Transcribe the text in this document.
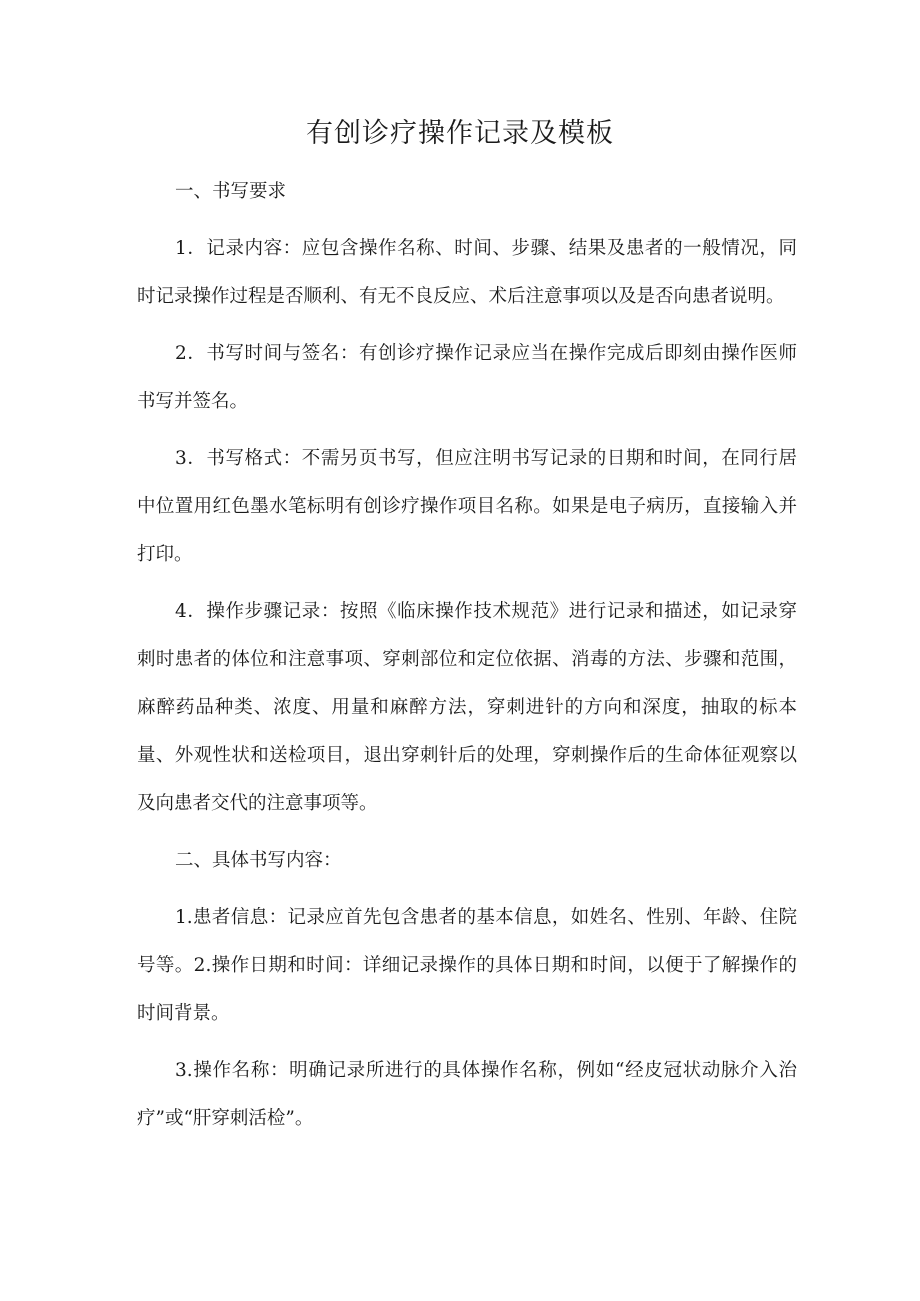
有创诊疗操作记录及模板

一、书写要求

1．记录内容：应包含操作名称、时间、步骤、结果及患者的一般情况，同时记录操作过程是否顺利、有无不良反应、术后注意事项以及是否向患者说明。

2．书写时间与签名：有创诊疗操作记录应当在操作完成后即刻由操作医师书写并签名。

3．书写格式：不需另页书写，但应注明书写记录的日期和时间，在同行居中位置用红色墨水笔标明有创诊疗操作项目名称。如果是电子病历，直接输入并打印。

4．操作步骤记录：按照《临床操作技术规范》进行记录和描述，如记录穿刺时患者的体位和注意事项、穿刺部位和定位依据、消毒的方法、步骤和范围，麻醉药品种类、浓度、用量和麻醉方法，穿刺进针的方向和深度，抽取的标本量、外观性状和送检项目，退出穿刺针后的处理，穿刺操作后的生命体征观察以及向患者交代的注意事项等。

二、具体书写内容：

1.患者信息：记录应首先包含患者的基本信息，如姓名、性别、年龄、住院号等。2.操作日期和时间：详细记录操作的具体日期和时间，以便于了解操作的时间背景。

3.操作名称：明确记录所进行的具体操作名称，例如“经皮冠状动脉介入治疗”或“肝穿刺活检”。
